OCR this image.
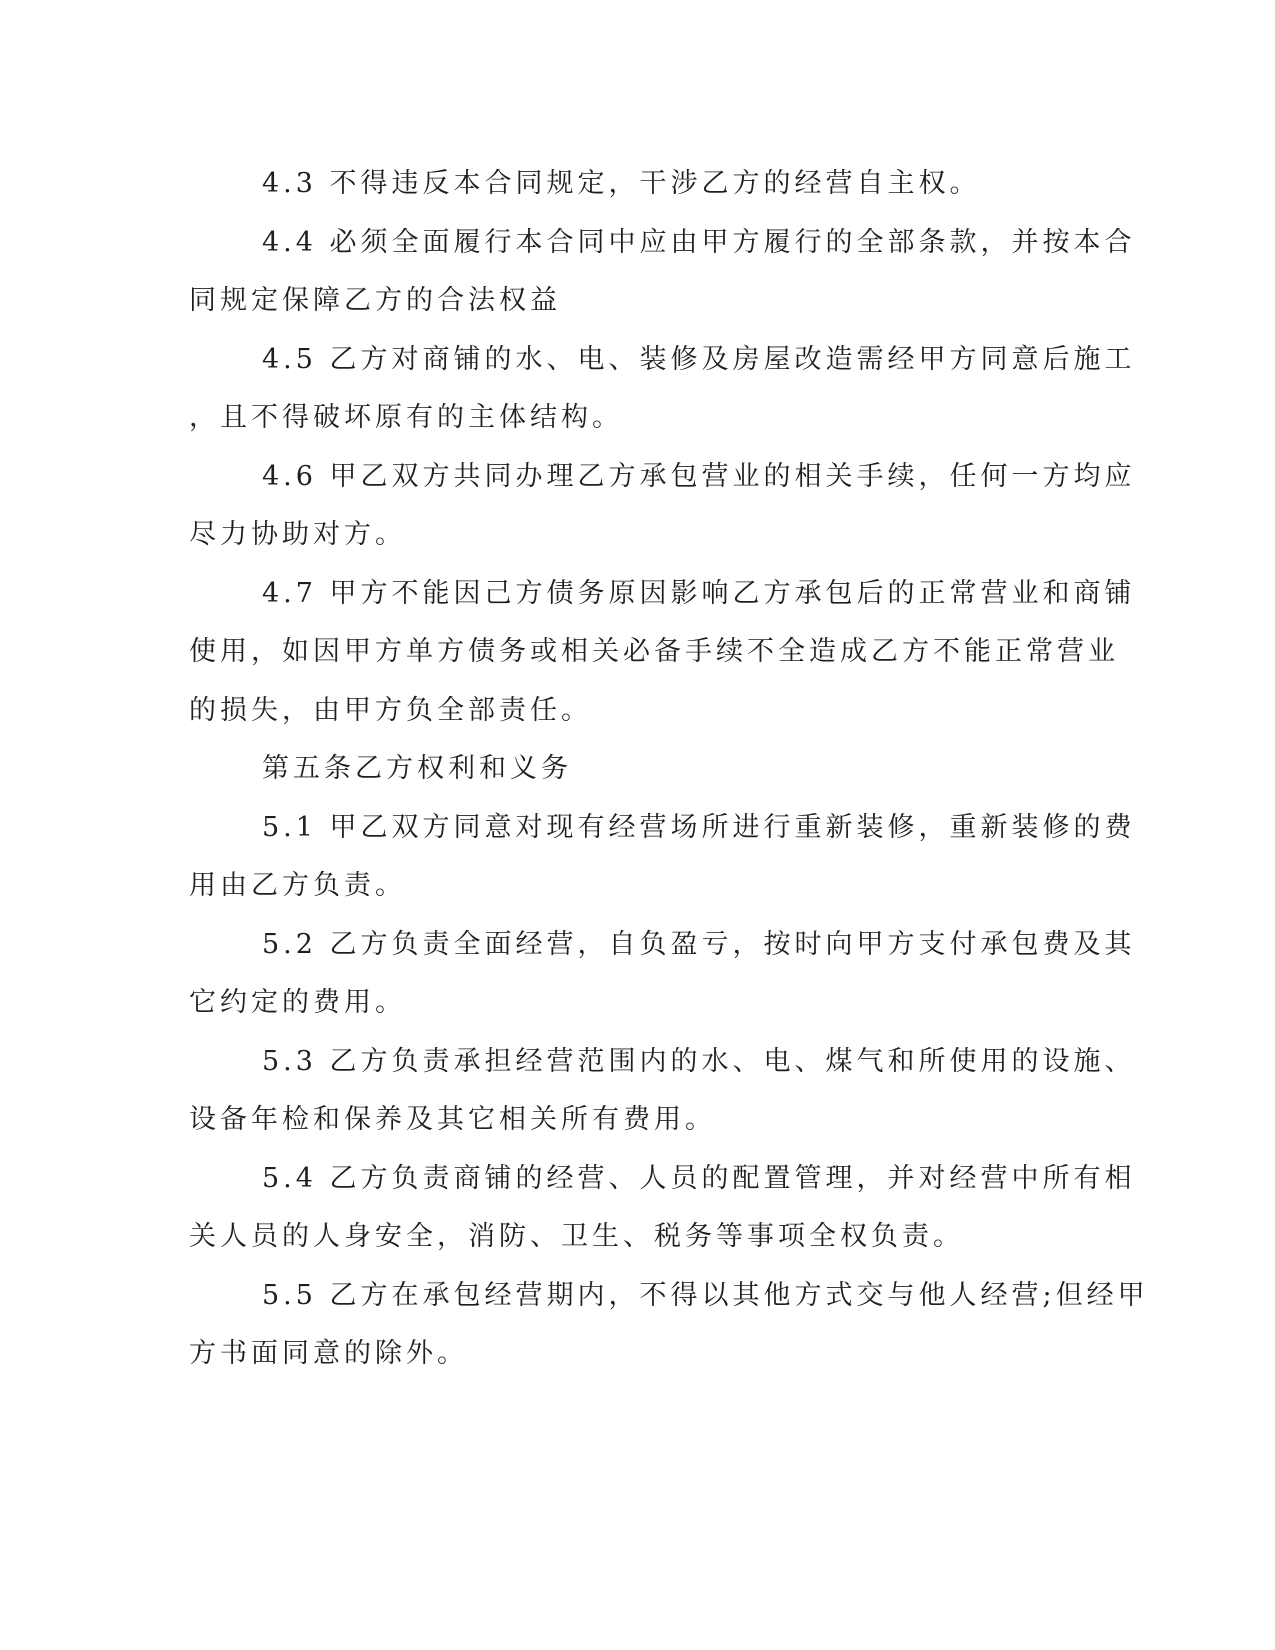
4.3 不得违反本合同规定，干涉乙方的经营自主权。

4.4 必须全面履行本合同中应由甲方履行的全部条款，并按本合

同规定保障乙方的合法权益

4.5 乙方对商铺的水、电、装修及房屋改造需经甲方同意后施工

，且不得破坏原有的主体结构。

4.6 甲乙双方共同办理乙方承包营业的相关手续，任何一方均应

尽力协助对方。

4.7 甲方不能因己方债务原因影响乙方承包后的正常营业和商铺

使用，如因甲方单方债务或相关必备手续不全造成乙方不能正常营业

的损失，由甲方负全部责任。

第五条乙方权利和义务

5.1 甲乙双方同意对现有经营场所进行重新装修，重新装修的费

用由乙方负责。

5.2 乙方负责全面经营，自负盈亏，按时向甲方支付承包费及其

它约定的费用。

5.3 乙方负责承担经营范围内的水、电、煤气和所使用的设施、

设备年检和保养及其它相关所有费用。

5.4 乙方负责商铺的经营、人员的配置管理，并对经营中所有相

关人员的人身安全，消防、卫生、税务等事项全权负责。

5.5 乙方在承包经营期内，不得以其他方式交与他人经营;但经甲

方书面同意的除外。
